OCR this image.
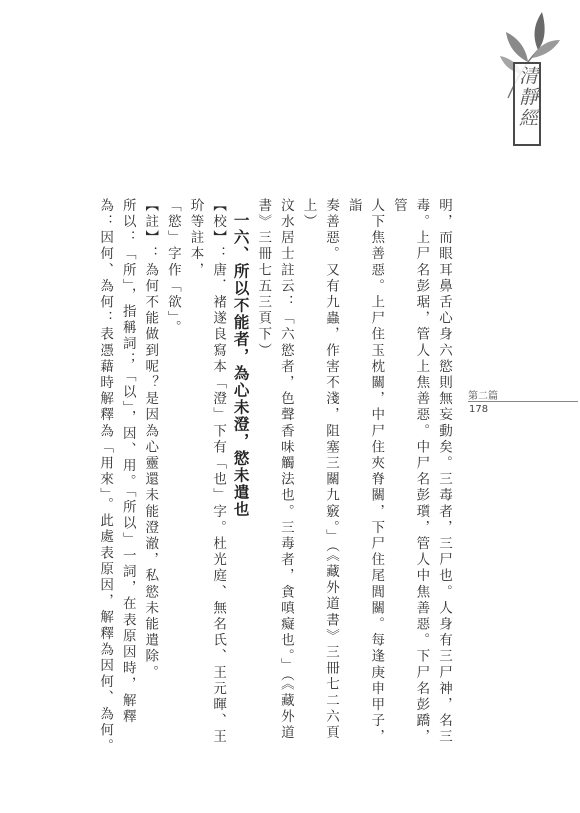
清靜經
第二篇
178

明，而眼耳鼻舌心身六慾則無妄動矣。三毒者，三尸也。人身有三尸神，名三

毒。上尸名彭琚，管人上焦善惡。中尸名彭瓆，管人中焦善惡。下尸名彭蹻，管

人下焦善惡。上尸住玉枕關，中尸住夾脊關，下尸住尾閭關。每逢庚申甲子，詣

奏善惡。又有九蟲，作害不淺，阻塞三關九竅。」（《藏外道書》三冊七二六頁

上）

汶水居士註云：「六慾者，色聲香味觸法也。三毒者，貪嗔癡也。」（《藏外道

書》三冊七五三頁下）

一六、所以不能者，為心未澄，慾未遣也

【校】：唐．褚遂良寫本「澄」下有「也」字。杜光庭、無名氏、王元暉、王玠等註本，

「慾」字作「欲」。

【註】：為何不能做到呢？是因為心靈還未能澄澈，私慾未能遣除。

所以：「所」，指稱詞；「以」，因、用。「所以」一詞，在表原因時，解釋

為：因何、為何：表憑藉時解釋為「用來」。此處表原因，解釋為因何、為何。
